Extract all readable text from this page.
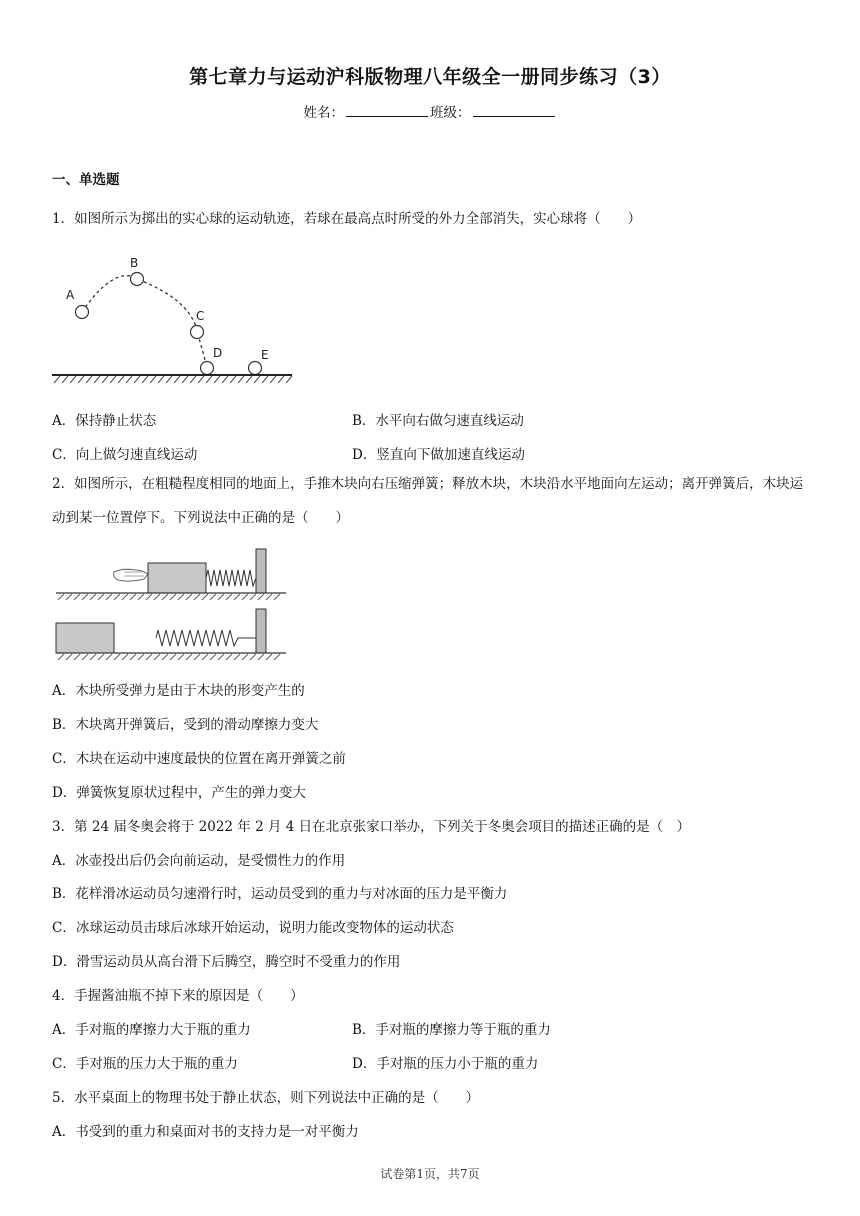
第七章力与运动沪科版物理八年级全一册同步练习（3）
姓名：	班级：
一、单选题
1．如图所示为掷出的实心球的运动轨迹，若球在最高点时所受的外力全部消失，实心球将（　　）
A
B
C
D	E
A．保持静止状态	B．水平向右做匀速直线运动
C．向上做匀速直线运动	D．竖直向下做加速直线运动
2．如图所示，在粗糙程度相同的地面上，手推木块向右压缩弹簧；释放木块，木块沿水平地面向左运动；离开弹簧后，木块运动到某一位置停下。下列说法中正确的是（　　）
A．木块所受弹力是由于木块的形变产生的
B．木块离开弹簧后，受到的滑动摩擦力变大
C．木块在运动中速度最快的位置在离开弹簧之前
D．弹簧恢复原状过程中，产生的弹力变大
3．第 24 届冬奥会将于 2022 年 2 月 4 日在北京张家口举办，下列关于冬奥会项目的描述正确的是（　）
A．冰壶投出后仍会向前运动，是受惯性力的作用
B．花样滑冰运动员匀速滑行时，运动员受到的重力与对冰面的压力是平衡力
C．冰球运动员击球后冰球开始运动，说明力能改变物体的运动状态
D．滑雪运动员从高台滑下后腾空，腾空时不受重力的作用
4．手握酱油瓶不掉下来的原因是（　　）
A．手对瓶的摩擦力大于瓶的重力	B．手对瓶的摩擦力等于瓶的重力
C．手对瓶的压力大于瓶的重力	D．手对瓶的压力小于瓶的重力
5．水平桌面上的物理书处于静止状态，则下列说法中正确的是（　　）
A．书受到的重力和桌面对书的支持力是一对平衡力
试卷第1页，共7页
